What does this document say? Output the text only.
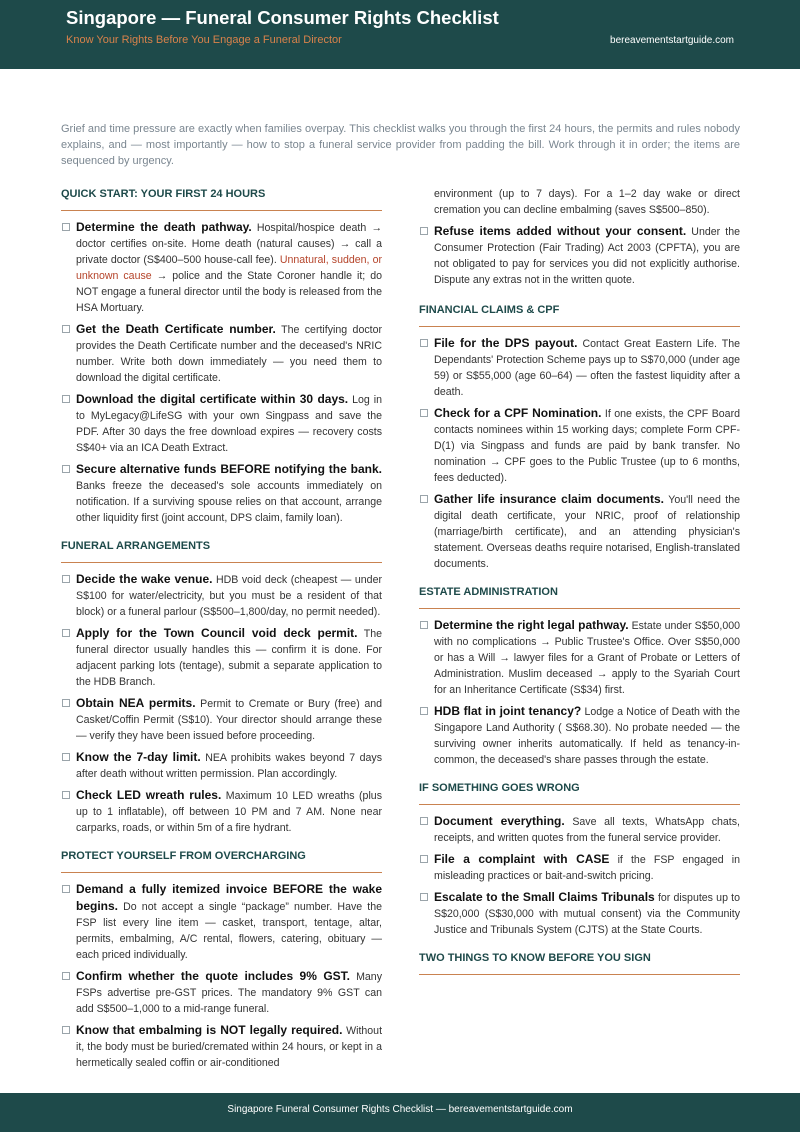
Singapore — Funeral Consumer Rights Checklist
Know Your Rights Before You Engage a Funeral Director	bereavementstartguide.com
Grief and time pressure are exactly when families overpay. This checklist walks you through the first 24 hours, the permits and rules nobody explains, and — most importantly — how to stop a funeral service provider from padding the bill. Work through it in order; the items are sequenced by urgency.
QUICK START: YOUR FIRST 24 HOURS
Determine the death pathway. Hospital/hospice death → doctor certifies on-site. Home death (natural causes) → call a private doctor (S$400–500 house-call fee). Unnatural, sudden, or unknown cause → police and the State Coroner handle it; do NOT engage a funeral director until the body is released from the HSA Mortuary.
Get the Death Certificate number. The certifying doctor provides the Death Certificate number and the deceased's NRIC number. Write both down immediately — you need them to download the digital certificate.
Download the digital certificate within 30 days. Log in to MyLegacy@LifeSG with your own Singpass and save the PDF. After 30 days the free download expires — recovery costs S$40+ via an ICA Death Extract.
Secure alternative funds BEFORE notifying the bank. Banks freeze the deceased's sole accounts immediately on notification. If a surviving spouse relies on that account, arrange other liquidity first (joint account, DPS claim, family loan).
FUNERAL ARRANGEMENTS
Decide the wake venue. HDB void deck (cheapest — under S$100 for water/electricity, but you must be a resident of that block) or a funeral parlour (S$500–1,800/day, no permit needed).
Apply for the Town Council void deck permit. The funeral director usually handles this — confirm it is done. For adjacent parking lots (tentage), submit a separate application to the HDB Branch.
Obtain NEA permits. Permit to Cremate or Bury (free) and Casket/Coffin Permit (S$10). Your director should arrange these — verify they have been issued before proceeding.
Know the 7-day limit. NEA prohibits wakes beyond 7 days after death without written permission. Plan accordingly.
Check LED wreath rules. Maximum 10 LED wreaths (plus up to 1 inflatable), off between 10 PM and 7 AM. None near carparks, roads, or within 5m of a fire hydrant.
PROTECT YOURSELF FROM OVERCHARGING
Demand a fully itemized invoice BEFORE the wake begins. Do not accept a single “package” number. Have the FSP list every line item — casket, transport, tentage, altar, permits, embalming, A/C rental, flowers, catering, obituary — each priced individually.
Confirm whether the quote includes 9% GST. Many FSPs advertise pre-GST prices. The mandatory 9% GST can add S$500–1,000 to a mid-range funeral.
Know that embalming is NOT legally required. Without it, the body must be buried/cremated within 24 hours, or kept in a hermetically sealed coffin or air-conditioned
environment (up to 7 days). For a 1–2 day wake or direct cremation you can decline embalming (saves S$500–850).
Refuse items added without your consent. Under the Consumer Protection (Fair Trading) Act 2003 (CPFTA), you are not obligated to pay for services you did not explicitly authorise. Dispute any extras not in the written quote.
FINANCIAL CLAIMS & CPF
File for the DPS payout. Contact Great Eastern Life. The Dependants' Protection Scheme pays up to S$70,000 (under age 59) or S$55,000 (age 60–64) — often the fastest liquidity after a death.
Check for a CPF Nomination. If one exists, the CPF Board contacts nominees within 15 working days; complete Form CPF-D(1) via Singpass and funds are paid by bank transfer. No nomination → CPF goes to the Public Trustee (up to 6 months, fees deducted).
Gather life insurance claim documents. You'll need the digital death certificate, your NRIC, proof of relationship (marriage/birth certificate), and an attending physician's statement. Overseas deaths require notarised, English-translated documents.
ESTATE ADMINISTRATION
Determine the right legal pathway. Estate under S$50,000 with no complications → Public Trustee's Office. Over S$50,000 or has a Will → lawyer files for a Grant of Probate or Letters of Administration. Muslim deceased → apply to the Syariah Court for an Inheritance Certificate (S$34) first.
HDB flat in joint tenancy? Lodge a Notice of Death with the Singapore Land Authority ( S$68.30). No probate needed — the surviving owner inherits automatically. If held as tenancy-in-common, the deceased's share passes through the estate.
IF SOMETHING GOES WRONG
Document everything. Save all texts, WhatsApp chats, receipts, and written quotes from the funeral service provider.
File a complaint with CASE if the FSP engaged in misleading practices or bait-and-switch pricing.
Escalate to the Small Claims Tribunals for disputes up to S$20,000 (S$30,000 with mutual consent) via the Community Justice and Tribunals System (CJTS) at the State Courts.
TWO THINGS TO KNOW BEFORE YOU SIGN
Singapore Funeral Consumer Rights Checklist — bereavementstartguide.com
